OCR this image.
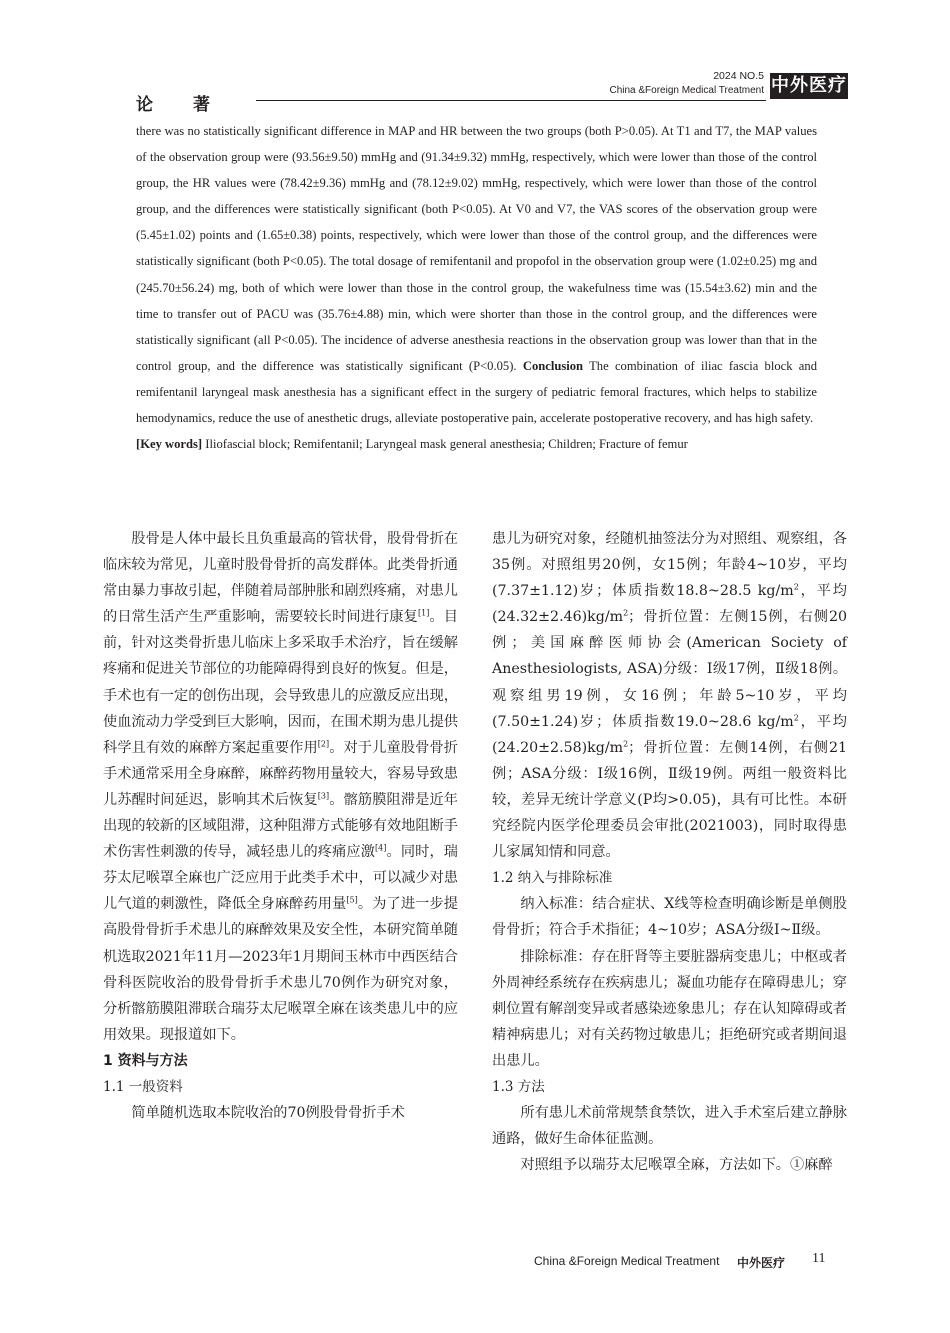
论著
2024 NO.5
China &Foreign Medical Treatment 中外医疗

there was no statistically significant difference in MAP and HR between the two groups (both P>0.05). At T1 and T7, the MAP values of the observation group were (93.56±9.50) mmHg and (91.34±9.32) mmHg, respectively, which were lower than those of the control group, the HR values were (78.42±9.36) mmHg and (78.12±9.02) mmHg, respectively, which were lower than those of the control group, and the differences were statistically significant (both P<0.05). At V0 and V7, the VAS scores of the observation group were (5.45±1.02) points and (1.65±0.38) points, respectively, which were lower than those of the control group, and the differences were statistically significant (both P<0.05). The total dosage of remifentanil and propofol in the observation group were (1.02±0.25) mg and (245.70±56.24) mg, both of which were lower than those in the control group, the wakefulness time was (15.54±3.62) min and the time to transfer out of PACU was (35.76±4.88) min, which were shorter than those in the control group, and the differences were statistically significant (all P<0.05). The incidence of adverse anesthesia reactions in the observation group was lower than that in the control group, and the difference was statistically significant (P<0.05). Conclusion The combination of iliac fascia block and remifentanil laryngeal mask anesthesia has a significant effect in the surgery of pediatric femoral fractures, which helps to stabilize hemodynamics, reduce the use of anesthetic drugs, alleviate postoperative pain, accelerate postoperative recovery, and has high safety.

[Key words] Iliofascial block; Remifentanil; Laryngeal mask general anesthesia; Children; Fracture of femur

股骨是人体中最长且负重最高的管状骨，股骨骨折在临床较为常见，儿童时股骨骨折的高发群体。此类骨折通常由暴力事故引起，伴随着局部肿胀和剧烈疼痛，对患儿的日常生活产生严重影响，需要较长时间进行康复[1]。目前，针对这类骨折患儿临床上多采取手术治疗，旨在缓解疼痛和促进关节部位的功能障碍得到良好的恢复。但是，手术也有一定的创伤出现，会导致患儿的应激反应出现，使血流动力学受到巨大影响，因而，在围术期为患儿提供科学且有效的麻醉方案起重要作用[2]。对于儿童股骨骨折手术通常采用全身麻醉，麻醉药物用量较大，容易导致患儿苏醒时间延迟，影响其术后恢复[3]。髂筋膜阻滞是近年出现的较新的区域阻滞，这种阻滞方式能够有效地阻断手术伤害性刺激的传导，减轻患儿的疼痛应激[4]。同时，瑞芬太尼喉罩全麻也广泛应用于此类手术中，可以减少对患儿气道的刺激性，降低全身麻醉药用量[5]。为了进一步提高股骨骨折手术患儿的麻醉效果及安全性，本研究简单随机选取2021年11月—2023年1月期间玉林市中西医结合骨科医院收治的股骨骨折手术患儿70例作为研究对象，分析髂筋膜阻滞联合瑞芬太尼喉罩全麻在该类患儿中的应用效果。现报道如下。

1 资料与方法

1.1 一般资料

简单随机选取本院收治的70例股骨骨折手术

患儿为研究对象，经随机抽签法分为对照组、观察组，各35例。对照组男20例，女15例；年龄4~10岁，平均(7.37±1.12)岁；体质指数18.8~28.5 $kg/m^2$，平均$(24.32\pm 2.46)kg/m^2$；骨折位置：左侧15例，右侧20例；美国麻醉医师协会(American Society of Anesthesiologists, ASA)分级：Ⅰ级17例，Ⅱ级18例。观察组男19例，女16例；年龄5~10岁，平均(7.50±1.24)岁；体质指数19.0~28.6 $kg/m^2$，平均$(24.20\pm 2.58)kg/m^2$；骨折位置：左侧14例，右侧21例；ASA分级：Ⅰ级16例，Ⅱ级19例。两组一般资料比较，差异无统计学意义(P均>0.05)，具有可比性。本研究经院内医学伦理委员会审批(2021003)，同时取得患儿家属知情和同意。

1.2 纳入与排除标准

纳入标准：结合症状、X线等检查明确诊断是单侧股骨骨折；符合手术指征；4~10岁；ASA分级Ⅰ~Ⅱ级。

排除标准：存在肝肾等主要脏器病变患儿；中枢或者外周神经系统存在疾病患儿；凝血功能存在障碍患儿；穿刺位置有解剖变异或者感染迹象患儿；存在认知障碍或者精神病患儿；对有关药物过敏患儿；拒绝研究或者期间退出患儿。

1.3 方法

所有患儿术前常规禁食禁饮，进入手术室后建立静脉通路，做好生命体征监测。

对照组予以瑞芬太尼喉罩全麻，方法如下。①麻醉

China &Foreign Medical Treatment 中外医疗 11
